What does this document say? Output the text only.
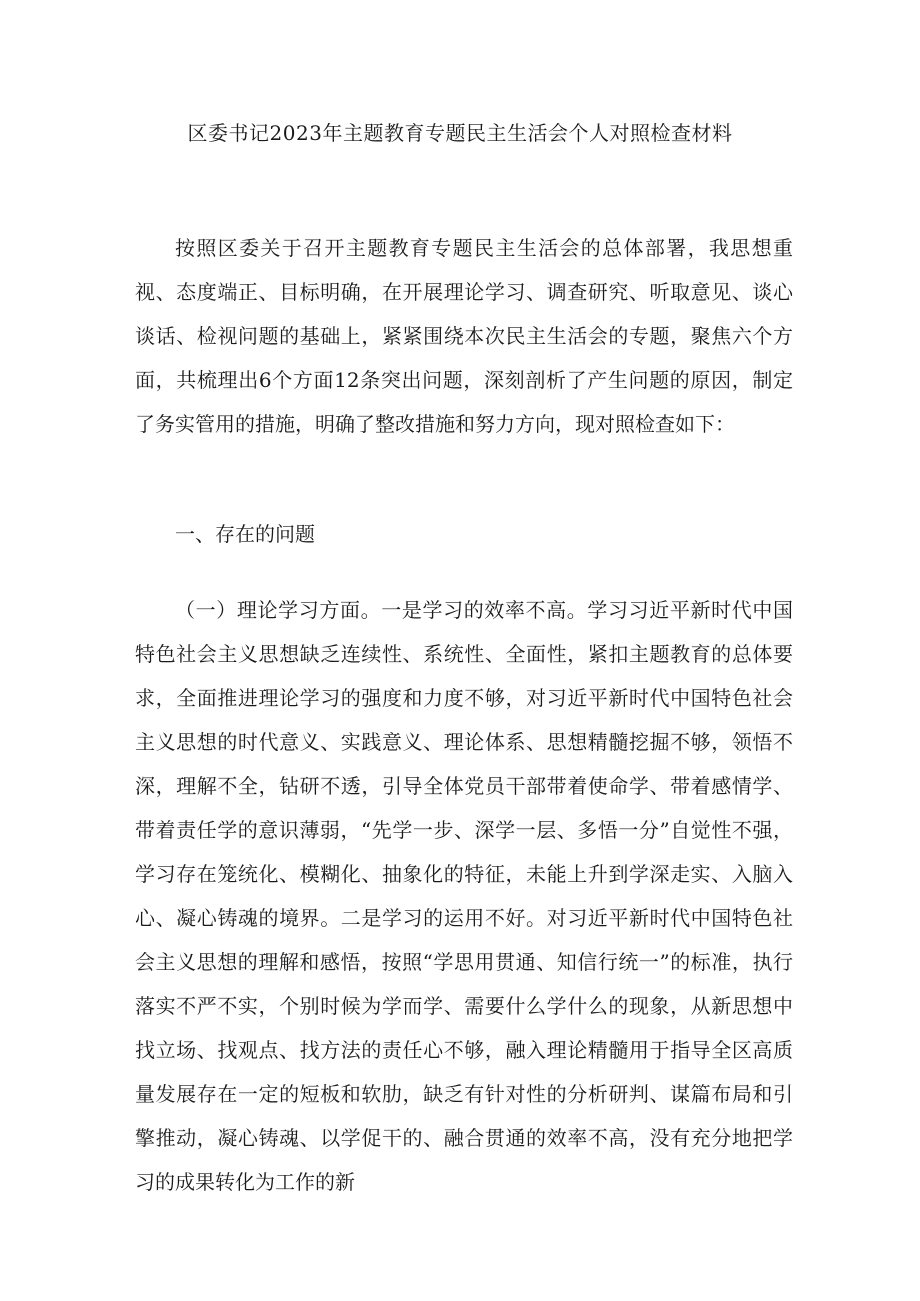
区委书记2023年主题教育专题民主生活会个人对照检查材料

按照区委关于召开主题教育专题民主生活会的总体部署，我思想重视、态度端正、目标明确，在开展理论学习、调查研究、听取意见、谈心谈话、检视问题的基础上，紧紧围绕本次民主生活会的专题，聚焦六个方面，共梳理出6个方面12条突出问题，深刻剖析了产生问题的原因，制定了务实管用的措施，明确了整改措施和努力方向，现对照检查如下：

一、存在的问题

（一）理论学习方面。一是学习的效率不高。学习习近平新时代中国特色社会主义思想缺乏连续性、系统性、全面性，紧扣主题教育的总体要求，全面推进理论学习的强度和力度不够，对习近平新时代中国特色社会主义思想的时代意义、实践意义、理论体系、思想精髓挖掘不够，领悟不深，理解不全，钻研不透，引导全体党员干部带着使命学、带着感情学、带着责任学的意识薄弱，“先学一步、深学一层、多悟一分”自觉性不强，学习存在笼统化、模糊化、抽象化的特征，未能上升到学深走实、入脑入心、凝心铸魂的境界。二是学习的运用不好。对习近平新时代中国特色社会主义思想的理解和感悟，按照“学思用贯通、知信行统一”的标准，执行落实不严不实，个别时候为学而学、需要什么学什么的现象，从新思想中找立场、找观点、找方法的责任心不够，融入理论精髓用于指导全区高质量发展存在一定的短板和软肋，缺乏有针对性的分析研判、谋篇布局和引擎推动，凝心铸魂、以学促干的、融合贯通的效率不高，没有充分地把学习的成果转化为工作的新
